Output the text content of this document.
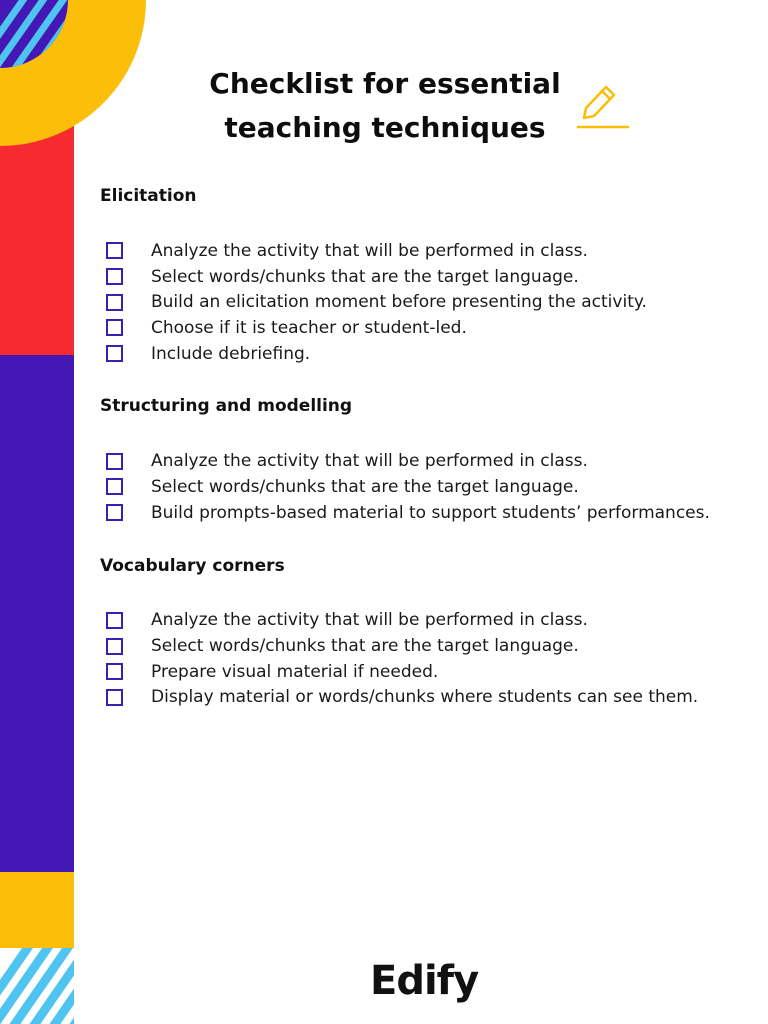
Checklist for essential
teaching techniques
Elicitation
Analyze the activity that will be performed in class.
Select words/chunks that are the target language.
Build an elicitation moment before presenting the activity.
Choose if it is teacher or student-led.
Include debriefing.
Structuring and modelling
Analyze the activity that will be performed in class.
Select words/chunks that are the target language.
Build prompts-based material to support students’ performances.
Vocabulary corners
Analyze the activity that will be performed in class.
Select words/chunks that are the target language.
Prepare visual material if needed.
Display material or words/chunks where students can see them.
Edify
